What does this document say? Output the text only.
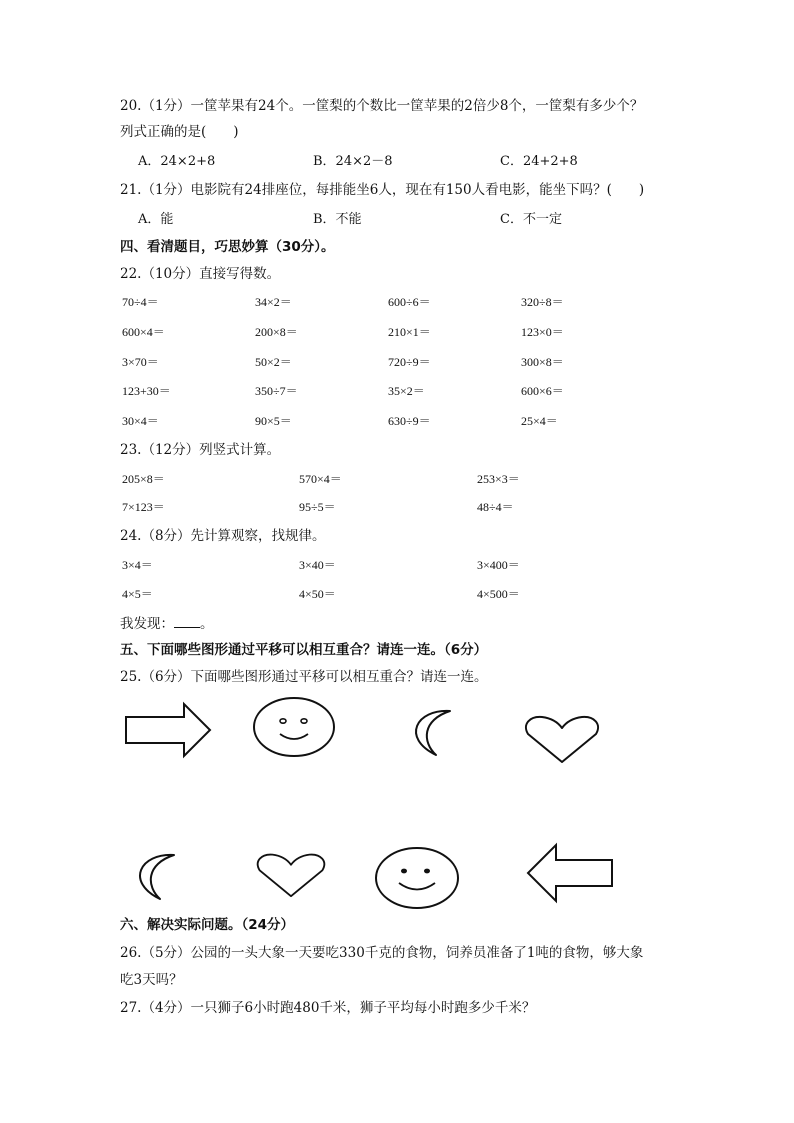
20.（1分）一筐苹果有24个。一筐梨的个数比一筐苹果的2倍少8个，一筐梨有多少个？
列式正确的是(　　)
A．24×2+8	B．24×2－8	C．24+2+8
21.（1分）电影院有24排座位，每排能坐6人，现在有150人看电影，能坐下吗？(　　)
A．能	B．不能	C．不一定
四、看清题目，巧思妙算（30分）。
22.（10分）直接写得数。
70÷4＝	34×2＝	600÷6＝	320÷8＝
600×4＝	200×8＝	210×1＝	123×0＝
3×70＝	50×2＝	720÷9＝	300×8＝
123+30＝	350÷7＝	35×2＝	600×6＝
30×4＝	90×5＝	630÷9＝	25×4＝
23.（12分）列竖式计算。
205×8＝	570×4＝	253×3＝
7×123＝	95÷5＝	48÷4＝
24.（8分）先计算观察，找规律。
3×4＝	3×40＝	3×400＝
4×5＝	4×50＝	4×500＝
我发现： 。
五、下面哪些图形通过平移可以相互重合？请连一连。（6分）
25.（6分）下面哪些图形通过平移可以相互重合？请连一连。
六、解决实际问题。（24分）
26.（5分）公园的一头大象一天要吃330千克的食物，饲养员准备了1吨的食物，够大象
吃3天吗？
27.（4分）一只狮子6小时跑480千米，狮子平均每小时跑多少千米？
